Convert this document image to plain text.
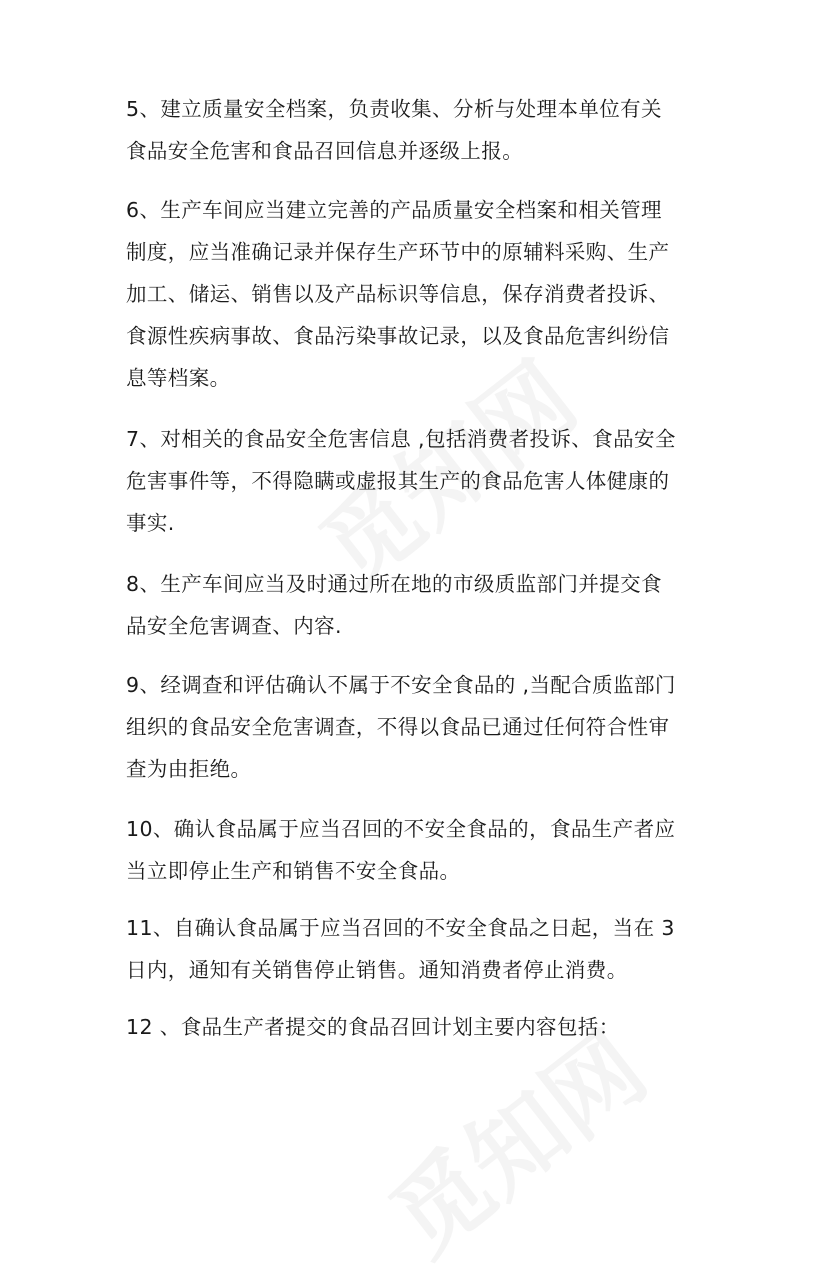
5、建立质量安全档案，负责收集、分析与处理本单位有关
食品安全危害和食品召回信息并逐级上报。
6、生产车间应当建立完善的产品质量安全档案和相关管理
制度，应当准确记录并保存生产环节中的原辅料采购、生产
加工、储运、销售以及产品标识等信息，保存消费者投诉、
食源性疾病事故、食品污染事故记录，以及食品危害纠纷信
息等档案。
7、对相关的食品安全危害信息 ,包括消费者投诉、食品安全
危害事件等，不得隐瞒或虚报其生产的食品危害人体健康的
事实.
8、生产车间应当及时通过所在地的市级质监部门并提交食
品安全危害调查、内容.
9、经调查和评估确认不属于不安全食品的 ,当配合质监部门
组织的食品安全危害调查，不得以食品已通过任何符合性审
查为由拒绝。
10、确认食品属于应当召回的不安全食品的，食品生产者应
当立即停止生产和销售不安全食品。
11、自确认食品属于应当召回的不安全食品之日起，当在 3
日内，通知有关销售停止销售。通知消费者停止消费。
12 、食品生产者提交的食品召回计划主要内容包括：
